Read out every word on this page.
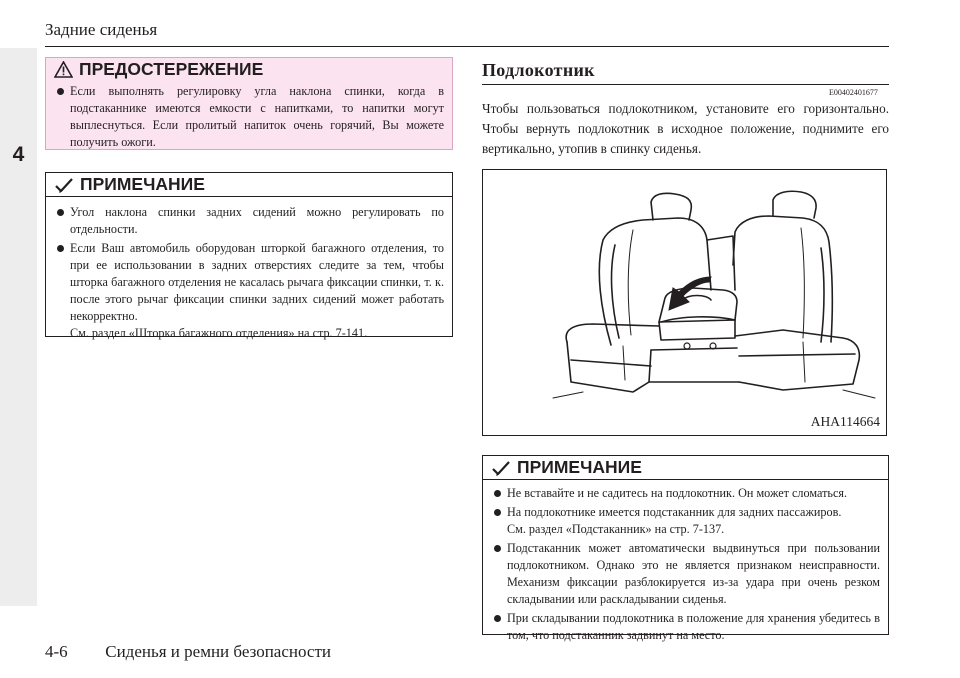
4
Задние сиденья
ПРЕДОСТЕРЕЖЕНИЕ
Если выполнять регулировку угла наклона спинки, когда в подстаканнике имеются емкости с напитками, то напитки могут выплеснуться. Если пролитый напиток очень горячий, Вы можете получить ожоги.
ПРИМЕЧАНИЕ
Угол наклона спинки задних сидений можно регулировать по отдельности.
Если Ваш автомобиль оборудован шторкой багажного отделения, то при ее использовании в задних отверстиях следите за тем, чтобы шторка багажного отделения не касалась рычага фиксации спинки, т. к. после этого рычаг фиксации спинки задних сидений может работать некорректно.
См. раздел «Шторка багажного отделения» на стр. 7-141.
Подлокотник
E00402401677
Чтобы пользоваться подлокотником, установите его горизонтально. Чтобы вернуть подлокотник в исходное положение, поднимите его вертикально, утопив в спинку сиденья.
AHA114664
ПРИМЕЧАНИЕ
Не вставайте и не садитесь на подлокотник. Он может сломаться.
На подлокотнике имеется подстаканник для задних пассажиров.
См. раздел «Подстаканник» на стр. 7-137.
Подстаканник может автоматически выдвинуться при пользовании подлокотником. Однако это не является признаком неисправности. Механизм фиксации разблокируется из-за удара при очень резком складывании или раскладывании сиденья.
При складывании подлокотника в положение для хранения убедитесь в том, что подстаканник задвинут на место.
4-6 Сиденья и ремни безопасности
